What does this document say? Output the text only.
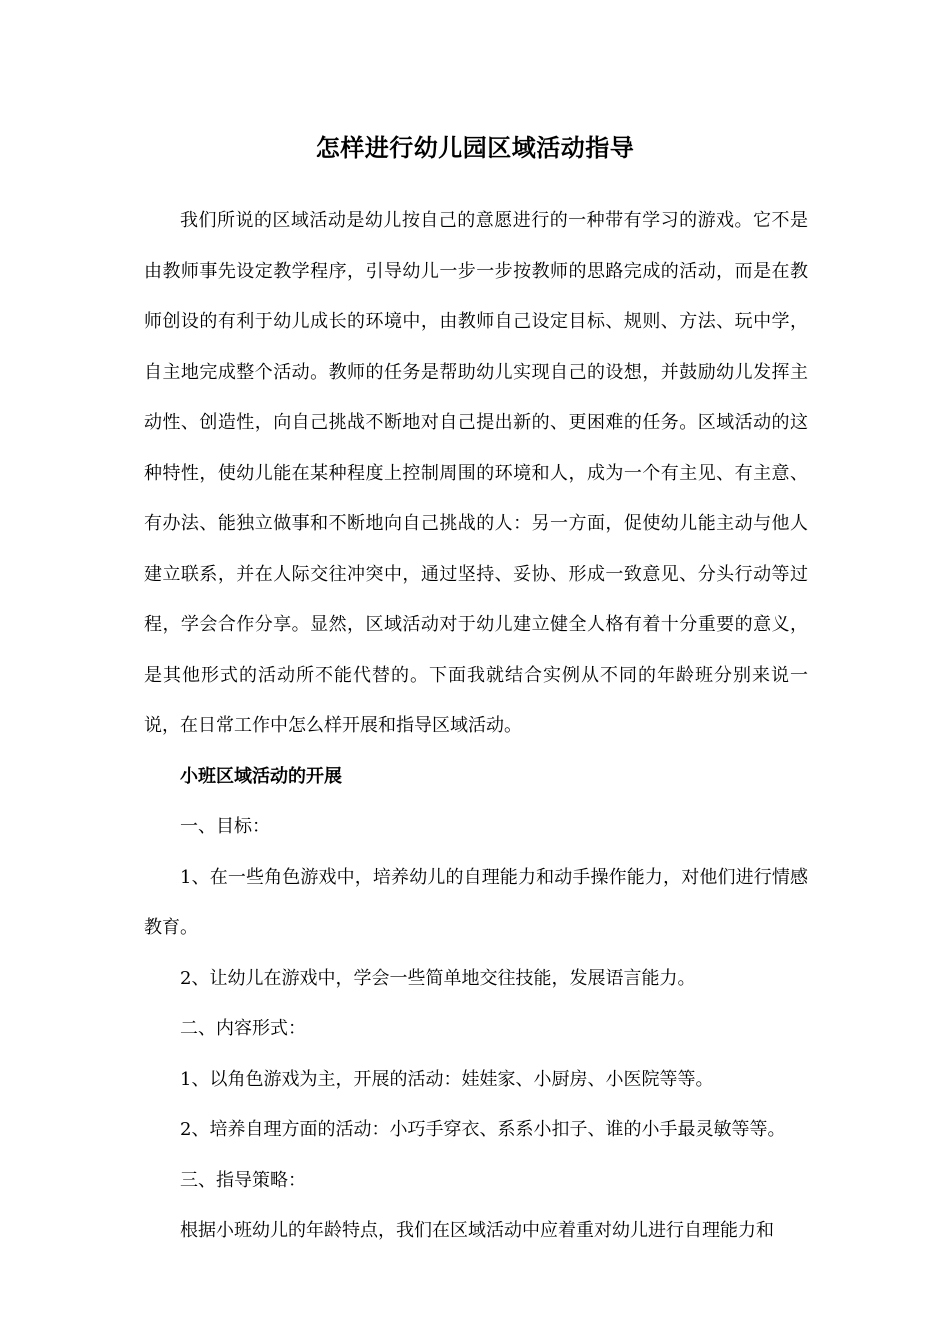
怎样进行幼儿园区域活动指导

我们所说的区域活动是幼儿按自己的意愿进行的一种带有学习的游戏。它不是由教师事先设定教学程序，引导幼儿一步一步按教师的思路完成的活动，而是在教师创设的有利于幼儿成长的环境中，由教师自己设定目标、规则、方法、玩中学，自主地完成整个活动。教师的任务是帮助幼儿实现自己的设想，并鼓励幼儿发挥主动性、创造性，向自己挑战不断地对自己提出新的、更困难的任务。区域活动的这种特性，使幼儿能在某种程度上控制周围的环境和人，成为一个有主见、有主意、有办法、能独立做事和不断地向自己挑战的人：另一方面，促使幼儿能主动与他人建立联系，并在人际交往冲突中，通过坚持、妥协、形成一致意见、分头行动等过程，学会合作分享。显然，区域活动对于幼儿建立健全人格有着十分重要的意义，是其他形式的活动所不能代替的。下面我就结合实例从不同的年龄班分别来说一说，在日常工作中怎么样开展和指导区域活动。

小班区域活动的开展

一、目标：

1、在一些角色游戏中，培养幼儿的自理能力和动手操作能力，对他们进行情感教育。

2、让幼儿在游戏中，学会一些简单地交往技能，发展语言能力。

二、内容形式：

1、以角色游戏为主，开展的活动：娃娃家、小厨房、小医院等等。

2、培养自理方面的活动：小巧手穿衣、系系小扣子、谁的小手最灵敏等等。

三、指导策略：

根据小班幼儿的年龄特点，我们在区域活动中应着重对幼儿进行自理能力和
